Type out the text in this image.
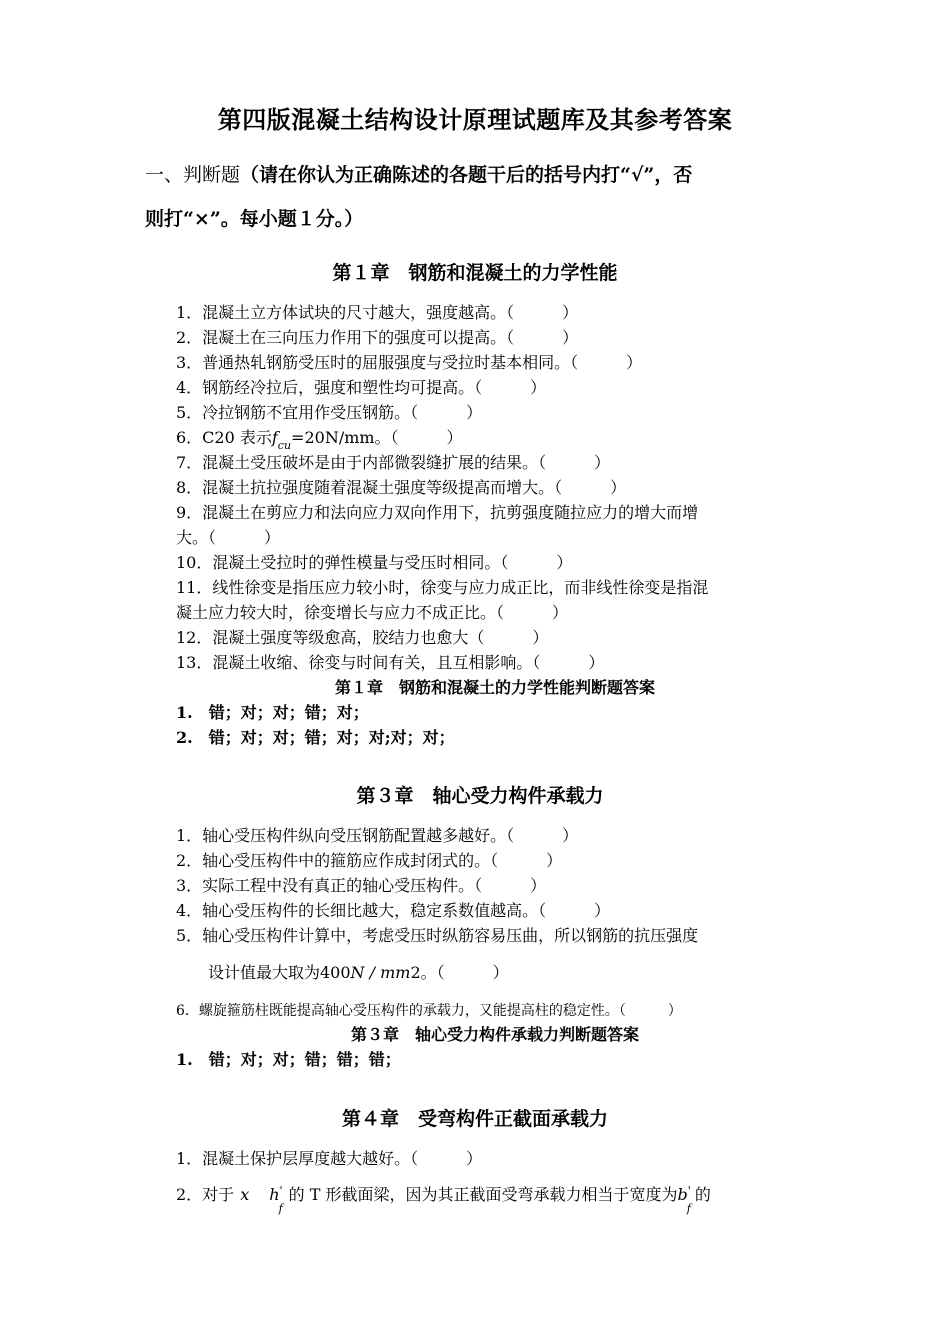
第四版混凝土结构设计原理试题库及其参考答案
一、判断题（请在你认为正确陈述的各题干后的括号内打“√”，否
则打“×”。每小题１分。）
第１章　钢筋和混凝土的力学性能
1．混凝土立方体试块的尺寸越大，强度越高。（　　　）
2．混凝土在三向压力作用下的强度可以提高。（　　　）
3．普通热轧钢筋受压时的屈服强度与受拉时基本相同。（　　　）
4．钢筋经冷拉后，强度和塑性均可提高。（　　　）
5．冷拉钢筋不宜用作受压钢筋。（　　　）
6．C20 表示$f_{cu}=20N/mm$。（　　　）
7．混凝土受压破坏是由于内部微裂缝扩展的结果。（　　　）
8．混凝土抗拉强度随着混凝土强度等级提高而增大。（　　　）
9．混凝土在剪应力和法向应力双向作用下，抗剪强度随拉应力的增大而增
大。（　　　）
10．混凝土受拉时的弹性模量与受压时相同。（　　　）
11．线性徐变是指压应力较小时，徐变与应力成正比，而非线性徐变是指混
凝土应力较大时，徐变增长与应力不成正比。（　　　）
12．混凝土强度等级愈高，胶结力也愈大（　　　）
13．混凝土收缩、徐变与时间有关，且互相影响。（　　　）
第１章　钢筋和混凝土的力学性能判断题答案
1.　错；对；对；错；对；
2.　错；对；对；错；对；对;对；对；
第３章　轴心受力构件承载力
1．轴心受压构件纵向受压钢筋配置越多越好。（　　　）
2．轴心受压构件中的箍筋应作成封闭式的。（　　　）
3．实际工程中没有真正的轴心受压构件。（　　　）
4．轴心受压构件的长细比越大，稳定系数值越高。（　　　）
5．轴心受压构件计算中，考虑受压时纵筋容易压曲，所以钢筋的抗压强度
设计值最大取为400N / mm2。（　　　）
6．螺旋箍筋柱既能提高轴心受压构件的承载力，又能提高柱的稳定性。（　　　）
第３章　轴心受力构件承载力判断题答案
1.　错；对；对；错；错；错；
第４章　受弯构件正截面承载力
1．混凝土保护层厚度越大越好。（　　　）
2．对于 x $h'_f$的 T 形截面梁，因为其正截面受弯承载力相当于宽度为$b'_f$的
